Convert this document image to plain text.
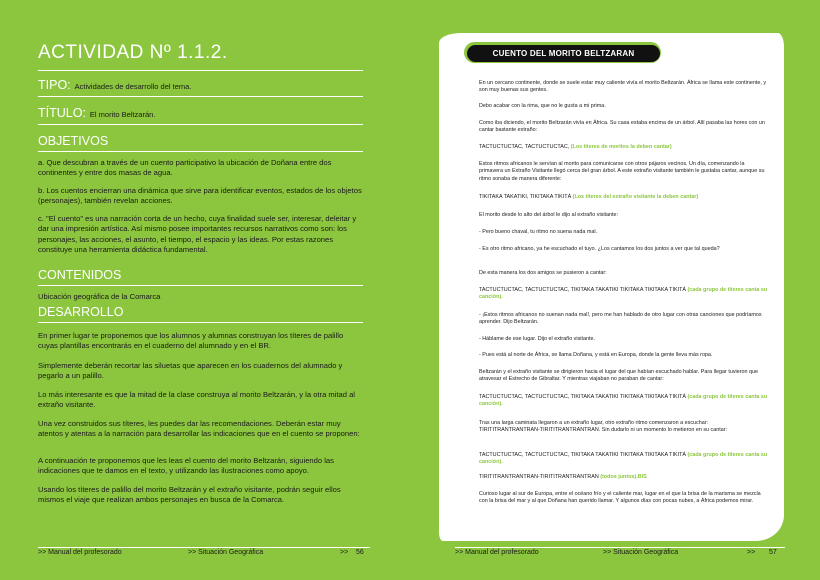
ACTIVIDAD Nº 1.1.2.
TIPO: Actividades de desarrollo del tema.
TÍTULO: El morito Beltzarán.
OBJETIVOS
a. Que descubran a través de un cuento participativo la ubicación de Doñana entre dos continentes y entre dos masas de agua.
b. Los cuentos encierran una dinámica que sirve para identificar eventos, estados de los objetos (personajes), también revelan acciones.
c. "El cuento" es una narración corta de un hecho, cuya finalidad suele ser, interesar, deleitar y dar una impresión artística. Así mismo posee importantes recursos narrativos como son: los personajes, las acciones, el asunto, el tiempo, el espacio y las ideas. Por estas razones constituye una herramienta didáctica fundamental.
CONTENIDOS
Ubicación geográfica de la Comarca
DESARROLLO
En primer lugar te proponemos que los alumnos y alumnas construyan los títeres de palillo cuyas plantillas encontrarás en el cuaderno del alumnado y en el BR.
Simplemente deberán recortar las siluetas que aparecen en los cuadernos del alumnado y pegarlo a un palillo.
Lo más interesante es que la mitad de la clase construya al morito Beltzarán, y la otra mitad al extraño visitante.
Una vez construidos sus títeres, les puedes dar las recomendaciones. Deberán estar muy atentos y atentas a la narración para desarrollar las indicaciones que en el cuento se proponen:
A continuación te proponemos que les leas el cuento del morito Beltzarán, siguiendo las indicaciones que te damos en el texto, y utilizando las ilustraciones como apoyo.
Usando los títeres de palillo del morito Beltzarán y el extraño visitante, podrán seguir ellos mismos el viaje que realizan ambos personajes en busca de la Comarca.
>> Manual del profesorado	>> Situación Geográfica	>> 56
CUENTO DEL MORITO BELTZARAN
En un cercano continente, donde se suele estar muy caliente vivía el morito Beltzarán. África se llama este continente, y son muy buenas sus gentes.
Debo acabar con la rima, que no le gusta a mi prima.
Como iba diciendo, el morito Beltzarán vivía en África. Su casa estaba encima de un árbol. Allí pasaba las hores con un cantar bastante extraño:
TACTUCTUCTAC, TACTUCTUCTAC, (Los titeres de moritos la deben cantar)
Estos ritmos africanos le servían al morito para comunicarse con otros pájaros vecinos. Un día, comenzando la primavera un Extraño Visitante llegó cerca del gran árbol. A este extraño visitante también le gustaba cantar, aunque su ritmo sonaba de manera diferente:
TIKITAKA TAKATIKI, TIKITAKA TIKITÁ (Los titeres del extraño visitante la deben cantar)
El morito desde lo alto del árbol le dijo al extraño visitante:
- Pero bueno chaval, tu ritmo no suena nada mal.
- Es otro ritmo africano, ya he escuchado el tuyo. ¿Los cantamos los dos juntos a ver que tal queda?
De esta manera los dos amigos se pusieron a cantar:
TACTUCTUCTAC, TACTUCTUCTAC, TIKITAKA TAKATIKI TIKITAKA TIKITAKA TIKITÁ (cada grupo de títeres canta su canción).
- ¡Estos ritmos africanos no suenan nada mal!, pero me han hablado de otro lugar con otras canciones que podríamos aprender. Dijo Beltzarán.
- Háblame de ese lugar. Dijo el extraño visitante.
- Pues está al norte de África, se llama Doñana, y está en Europa, donde la gente lleva más ropa.
Beltzarán y el extraño visitante se dirigieron hacia el lugar del que habían escuchado hablar. Para llegar tuvieron que atravesar el Estrecho de Gibraltar. Y mientras viajaban no paraban de cantar:
TACTUCTUCTAC, TACTUCTUCTAC, TIKITAKA TAKATIKI TIKITAKA TIKITAKA TIKITÁ (cada grupo de títeres canta su canción).
Tras una larga caminata llegaron a un extraño lugar, otro extraño ritmo comenzaron a escuchar: TIRITITRANTRANTRAN-TIRITITRANTRANTRAN. Sin dudarlo ni un momento lo metieron en su cantar:
TACTUCTUCTAC, TACTUCTUCTAC, TIKITAKA TAKATIKI TIKITAKA TIKITAKA TIKITÁ (cada grupo de títeres canta su canción).
TIRITITRANTRANTRAN-TIRITITRANTRANTRAN (todos juntos).BIS
Curioso lugar al sur de Europa, entre el océano frío y el caliente mar, lugar en el que la brisa de la marisma se mezcla con la brisa del mar y al que Doñana han querido llamar. Y algunos días con pocas nubes, a África podemos mirar.
>> Manual del profesorado	>> Situación Geográfica	>> 57
